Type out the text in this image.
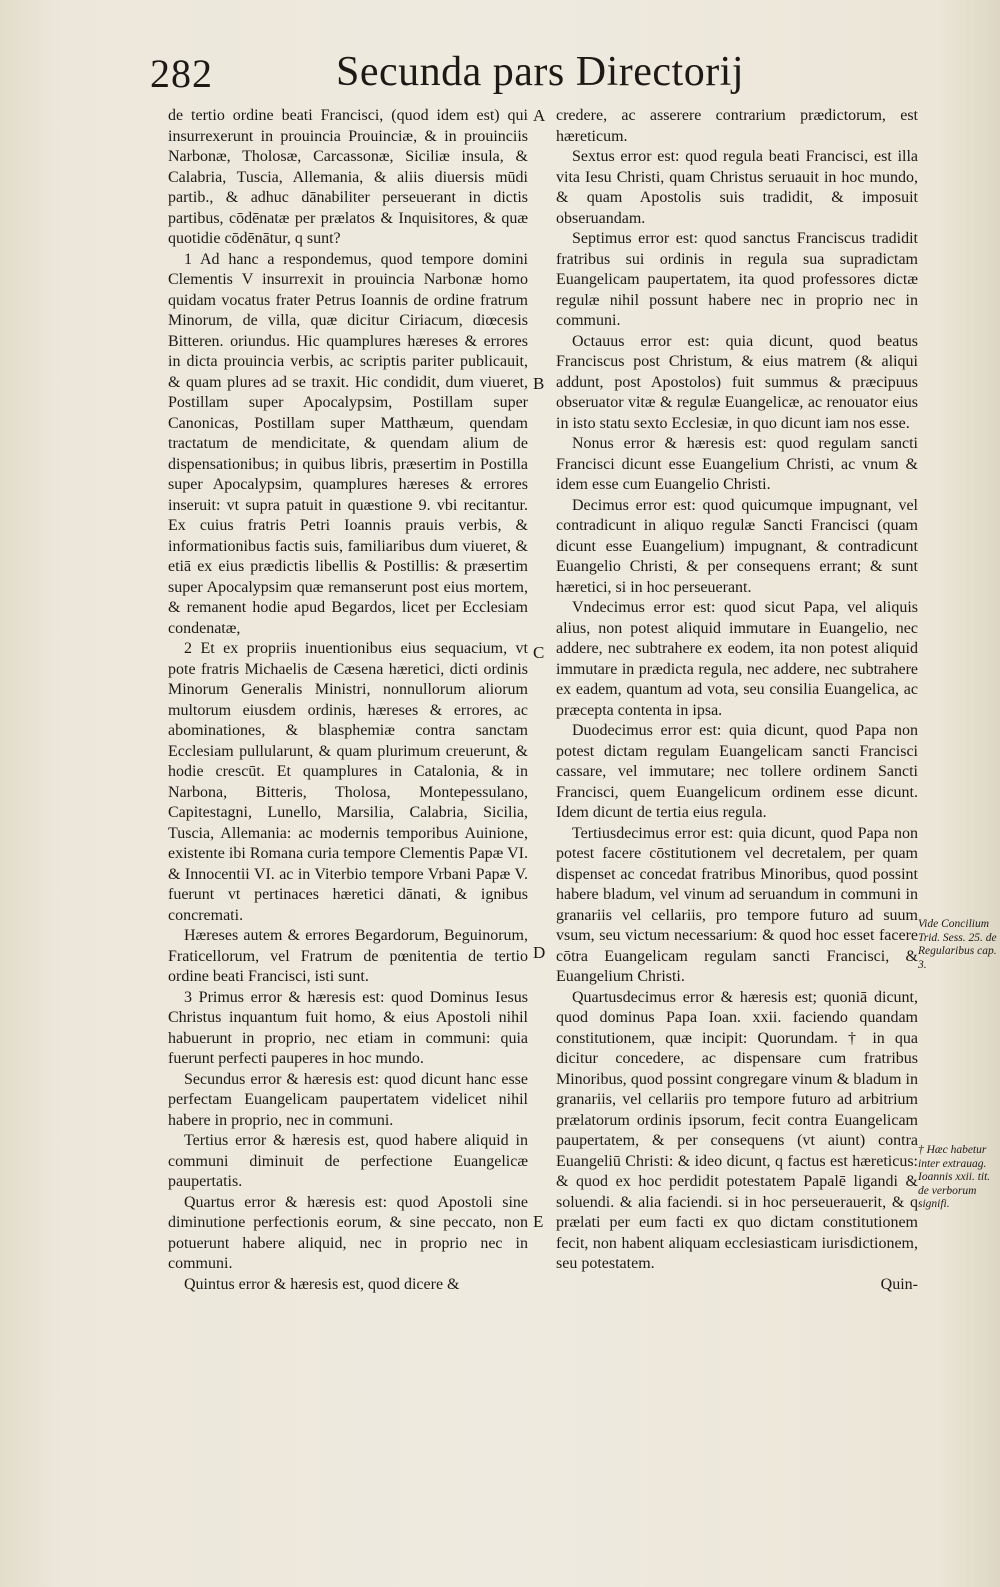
282	Secunda pars Directorij

de tertio ordine beati Francisci, (quod idem est) qui insurrexerunt in prouincia Prouinciæ, & in prouinciis Narbonæ, Tholosæ, Carcassonæ, Siciliæ insula, & Calabria, Tuscia, Allemania, & aliis diuersis mūdi partib., & adhuc dānabiliter perseuerant in dictis partibus, cōdēnatæ per prælatos & Inquisitores, & quæ quotidie cōdēnātur, q sunt?

1 Ad hanc a respondemus, quod tempore domini Clementis V insurrexit in prouincia Narbonæ homo quidam vocatus frater Petrus Ioannis de ordine fratrum Minorum, de villa, quæ dicitur Ciriacum, diœcesis Bitteren. oriundus. Hic quamplures hæreses & errores in dicta prouincia verbis, ac scriptis pariter publicauit, & quam plures ad se traxit. Hic condidit, dum viueret, Postillam super Apocalypsim, Postillam super Canonicas, Postillam super Matthæum, quendam tractatum de mendicitate, & quendam alium de dispensationibus; in quibus libris, præsertim in Postilla super Apocalypsim, quamplures hæreses & errores inseruit: vt supra patuit in quæstione 9. vbi recitantur. Ex cuius fratris Petri Ioannis prauis verbis, & informationibus factis suis, familiaribus dum viueret, & etiā ex eius prædictis libellis & Postillis: & præsertim super Apocalypsim quæ remanserunt post eius mortem, & remanent hodie apud Begardos, licet per Ecclesiam condenatæ,

2 Et ex propriis inuentionibus eius sequacium, vt pote fratris Michaelis de Cæsena hæretici, dicti ordinis Minorum Generalis Ministri, nonnullorum aliorum multorum eiusdem ordinis, hæreses & errores, ac abominationes, & blasphemiæ contra sanctam Ecclesiam pullularunt, & quam plurimum creuerunt, & hodie crescūt. Et quamplures in Catalonia, & in Narbona, Bitteris, Tholosa, Montepessulano, Capitestagni, Lunello, Marsilia, Calabria, Sicilia, Tuscia, Allemania: ac modernis temporibus Auinione, existente ibi Romana curia tempore Clementis Papæ VI. & Innocentii VI. ac in Viterbio tempore Vrbani Papæ V. fuerunt vt pertinaces hæretici dānati, & ignibus concremati.

Hæreses autem & errores Begardorum, Beguinorum, Fraticellorum, vel Fratrum de pœnitentia de tertio ordine beati Francisci, isti sunt.

3 Primus error & hæresis est: quod Dominus Iesus Christus inquantum fuit homo, & eius Apostoli nihil habuerunt in proprio, nec etiam in communi: quia fuerunt perfecti pauperes in hoc mundo.

Secundus error & hæresis est: quod dicunt hanc esse perfectam Euangelicam paupertatem videlicet nihil habere in proprio, nec in communi.

Tertius error & hæresis est, quod habere aliquid in communi diminuit de perfectione Euangelicæ paupertatis.

Quartus error & hæresis est: quod Apostoli sine diminutione perfectionis eorum, & sine peccato, non potuerunt habere aliquid, nec in proprio nec in communi.

Quintus error & hæresis est, quod dicere &

credere, ac asserere contrarium prædictorum, est hæreticum.

Sextus error est: quod regula beati Francisci, est illa vita Iesu Christi, quam Christus seruauit in hoc mundo, & quam Apostolis suis tradidit, & imposuit obseruandam.

Septimus error est: quod sanctus Franciscus tradidit fratribus sui ordinis in regula sua supradictam Euangelicam paupertatem, ita quod professores dictæ regulæ nihil possunt habere nec in proprio nec in communi.

Octauus error est: quia dicunt, quod beatus Franciscus post Christum, & eius matrem (& aliqui addunt, post Apostolos) fuit summus & præcipuus obseruator vitæ & regulæ Euangelicæ, ac renouator eius in isto statu sexto Ecclesiæ, in quo dicunt iam nos esse.

Nonus error & hæresis est: quod regulam sancti Francisci dicunt esse Euangelium Christi, ac vnum & idem esse cum Euangelio Christi.

Decimus error est: quod quicumque impugnant, vel contradicunt in aliquo regulæ Sancti Francisci (quam dicunt esse Euangelium) impugnant, & contradicunt Euangelio Christi, & per consequens errant; & sunt hæretici, si in hoc perseuerant.

Vndecimus error est: quod sicut Papa, vel aliquis alius, non potest aliquid immutare in Euangelio, nec addere, nec subtrahere ex eodem, ita non potest aliquid immutare in prædicta regula, nec addere, nec subtrahere ex eadem, quantum ad vota, seu consilia Euangelica, ac præcepta contenta in ipsa.

Duodecimus error est: quia dicunt, quod Papa non potest dictam regulam Euangelicam sancti Francisci cassare, vel immutare; nec tollere ordinem Sancti Francisci, quem Euangelicum ordinem esse dicunt. Idem dicunt de tertia eius regula.

Tertiusdecimus error est: quia dicunt, quod Papa non potest facere cōstitutionem vel decretalem, per quam dispenset ac concedat fratribus Minoribus, quod possint habere bladum, vel vinum ad seruandum in communi in granariis vel cellariis, pro tempore futuro ad suum vsum, seu victum necessarium: & quod hoc esset facere cōtra Euangelicam regulam sancti Francisci, & Euangelium Christi.

Quartusdecimus error & hæresis est; quoniā dicunt, quod dominus Papa Ioan. xxii. faciendo quandam constitutionem, quæ incipit: Quorundam. † in qua dicitur concedere, ac dispensare cum fratribus Minoribus, quod possint congregare vinum & bladum in granariis, vel cellariis pro tempore futuro ad arbitrium prælatorum ordinis ipsorum, fecit contra Euangelicam paupertatem, & per consequens (vt aiunt) contra Euangeliū Christi: & ideo dicunt, q factus est hæreticus: & quod ex hoc perdidit potestatem Papalē ligandi & soluendi. & alia faciendi. si in hoc perseuerauerit, & q prælati per eum facti ex quo dictam constitutionem fecit, non habent aliquam ecclesiasticam iurisdictionem, seu potestatem.

Quin-

A
B
C
D
E
Vide Concilium Trid. Sess. 25. de Regularibus cap. 3.
† Hæc habetur inter extrauag. Ioannis xxii. tit. de verborum signifi.
